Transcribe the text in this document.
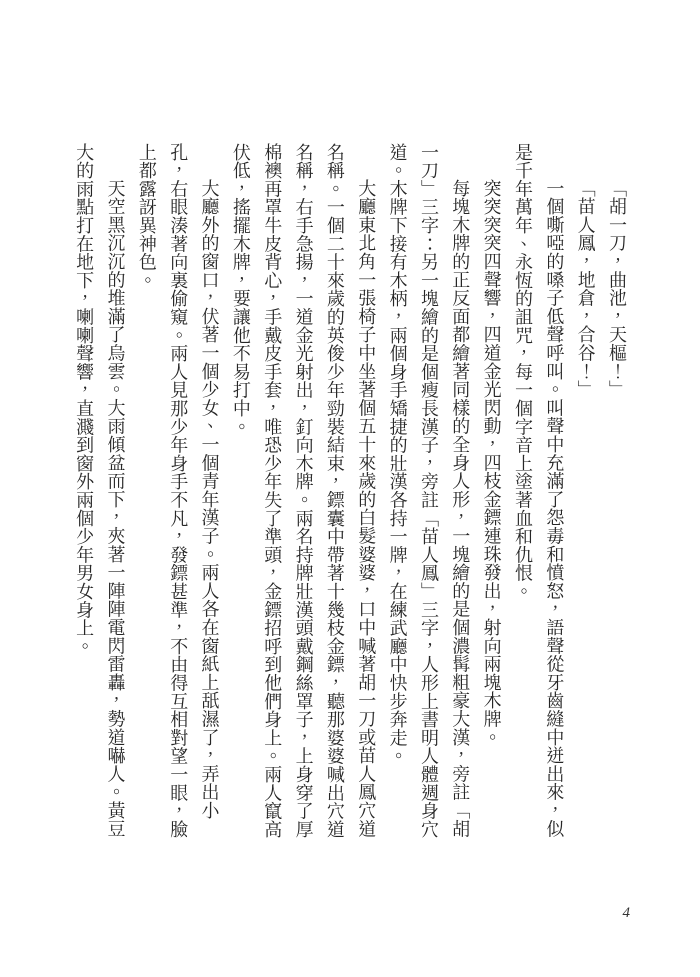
「胡一刀，曲池，天樞！」

「苗人鳳，地倉，合谷！」

一個嘶啞的嗓子低聲呼叫。叫聲中充滿了怨毒和憤怒，語聲從牙齒縫中迸出來，似是千年萬年、永恆的詛咒，每一個字音上塗著血和仇恨。

突突突突四聲響，四道金光閃動，四枝金鏢連珠發出，射向兩塊木牌。

每塊木牌的正反面都繪著同樣的全身人形，一塊繪的是個濃髯粗豪大漢，旁註「胡一刀」三字：另一塊繪的是個瘦長漢子，旁註「苗人鳳」三字，人形上書明人體週身穴道。木牌下接有木柄，兩個身手矯捷的壯漢各持一牌，在練武廳中快步奔走。

大廳東北角一張椅子中坐著個五十來歲的白髮婆婆，口中喊著胡一刀或苗人鳳穴道名稱。一個二十來歲的英俊少年勁裝結束，鏢囊中帶著十幾枝金鏢，聽那婆婆喊出穴道名稱，右手急揚，一道金光射出，釘向木牌。兩名持牌壯漢頭戴鋼絲罩子，上身穿了厚棉襖再罩牛皮背心，手戴皮手套，唯恐少年失了準頭，金鏢招呼到他們身上。兩人竄高伏低，搖擺木牌，要讓他不易打中。

大廳外的窗口，伏著一個少女、一個青年漢子。兩人各在窗紙上舐濕了，弄出小孔，右眼湊著向裏偷窺。兩人見那少年身手不凡，發鏢甚準，不由得互相對望一眼，臉上都露訝異神色。

天空黑沉沉的堆滿了烏雲。大雨傾盆而下，夾著一陣陣電閃雷轟，勢道嚇人。黃豆大的雨點打在地下，喇喇聲響，直濺到窗外兩個少年男女身上。

4
